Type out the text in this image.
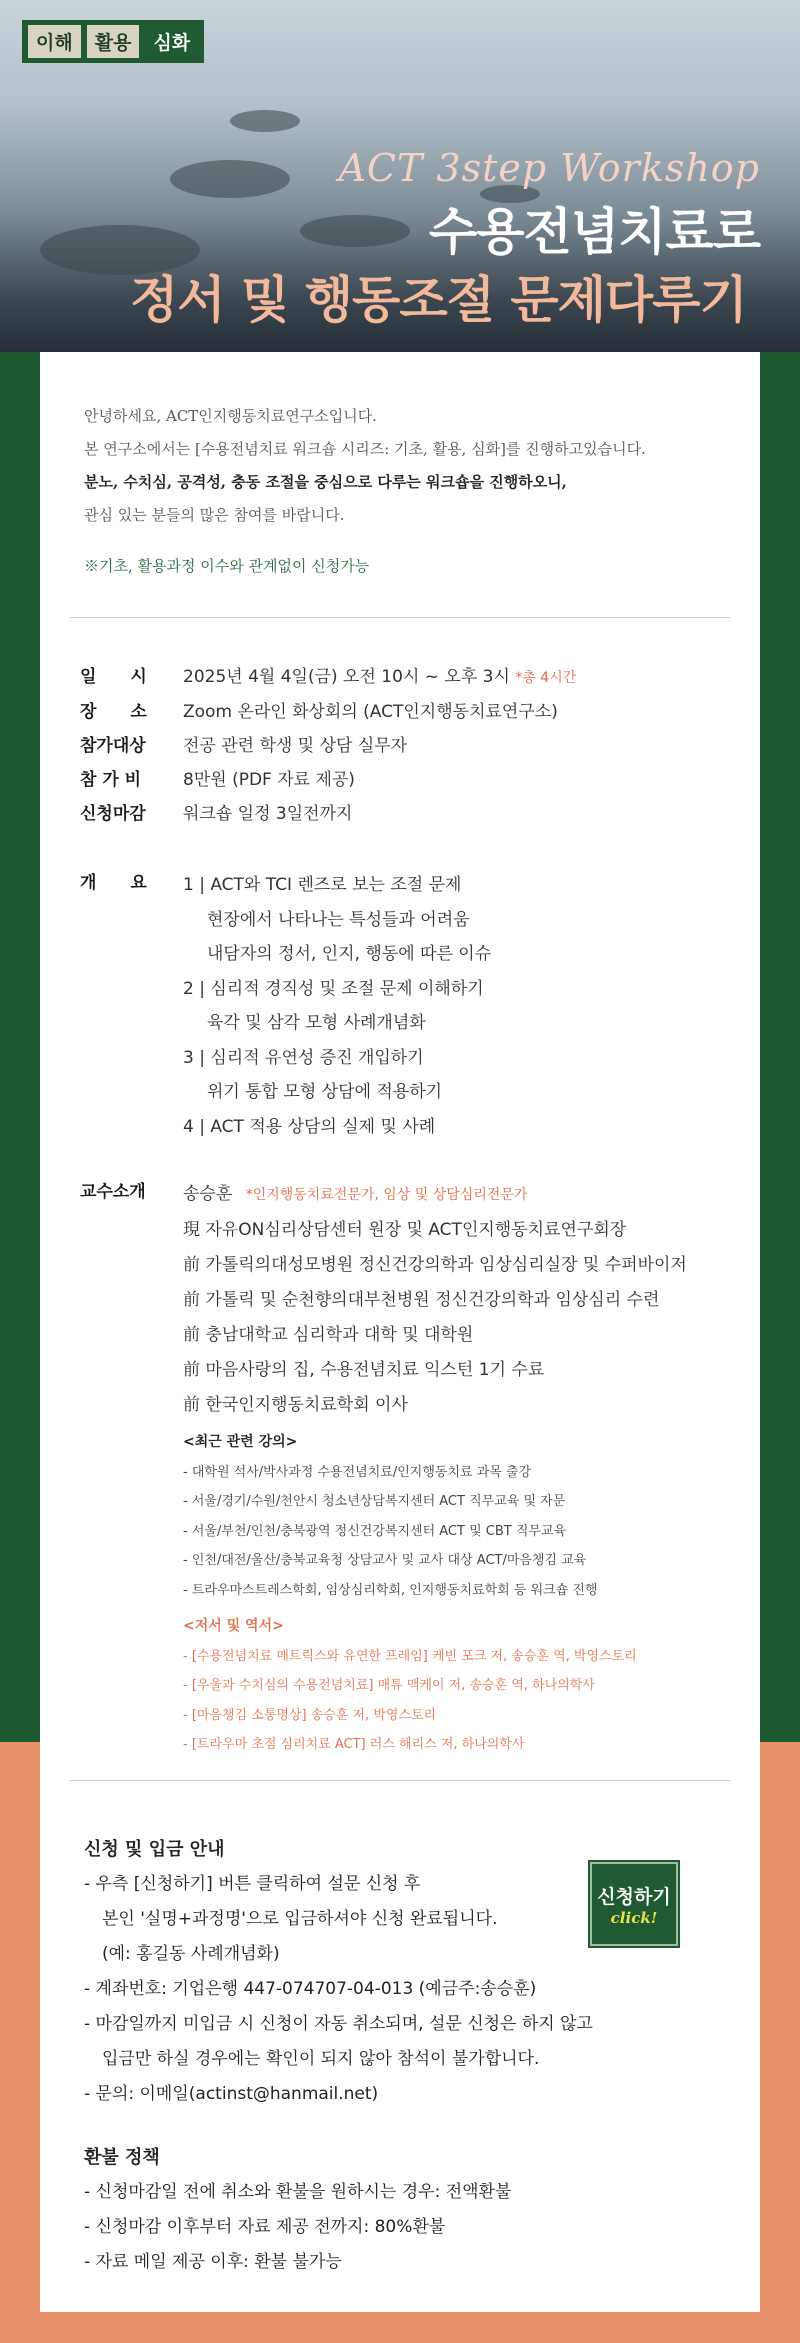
이해	활용	심화
ACT 3step Workshop
수용전념치료로
정서 및 행동조절 문제다루기
안녕하세요, ACT인지행동치료연구소입니다.
본 연구소에서는 [수용전념치료 워크숍 시리즈: 기초, 활용, 심화]를 진행하고있습니다.
분노, 수치심, 공격성, 충동 조절을 중심으로 다루는 워크숍을 진행하오니,
관심 있는 분들의 많은 참여를 바랍니다.
※기초, 활용과정 이수와 관계없이 신청가능
일　　시 2025년 4월 4일(금) 오전 10시 ~ 오후 3시 *총 4시간
장　　소 Zoom 온라인 화상회의 (ACT인지행동치료연구소)
참가대상 전공 관련 학생 및 상담 실무자
참 가 비 8만원 (PDF 자료 제공)
신청마감 워크숍 일정 3일전까지
개　　요	1 | ACT와 TCI 렌즈로 보는 조절 문제
현장에서 나타나는 특성들과 어려움
내담자의 정서, 인지, 행동에 따른 이슈
2 | 심리적 경직성 및 조절 문제 이해하기
육각 및 삼각 모형 사례개념화
3 | 심리적 유연성 증진 개입하기
위기 통합 모형 상담에 적용하기
4 | ACT 적용 상담의 실제 및 사례
교수소개	송승훈 *인지행동치료전문가, 임상 및 상담심리전문가
現 자유ON심리상담센터 원장 및 ACT인지행동치료연구회장
前 가톨릭의대성모병원 정신건강의학과 임상심리실장 및 수퍼바이저
前 가톨릭 및 순천향의대부천병원 정신건강의학과 임상심리 수련
前 충남대학교 심리학과 대학 및 대학원
前 마음사랑의 집, 수용전념치료 익스턴 1기 수료
前 한국인지행동치료학회 이사
<최근 관련 강의>
- 대학원 석사/박사과정 수용전념치료/인지행동치료 과목 출강
- 서울/경기/수원/천안시 청소년상담복지센터 ACT 직무교육 및 자문
- 서울/부천/인천/충북광역 정신건강복지센터 ACT 및 CBT 직무교육
- 인천/대전/울산/충북교육청 상담교사 및 교사 대상 ACT/마음챙김 교육
- 트라우마스트레스학회, 임상심리학회, 인지행동치료학회 등 워크숍 진행
<저서 및 역서>
- [수용전념치료 매트릭스와 유연한 프레임] 케빈 포크 저, 송승훈 역, 박영스토리
- [우울과 수치심의 수용전념치료] 매튜 맥케이 저, 송승훈 역, 하나의학사
- [마음챙김 소통명상] 송승훈 저, 박영스토리
- [트라우마 초점 심리치료 ACT] 러스 해리스 저, 하나의학사
신청 및 입금 안내
- 우측 [신청하기] 버튼 클릭하여 설문 신청 후
본인 '실명+과정명'으로 입금하셔야 신청 완료됩니다.
(예: 홍길동 사례개념화)
- 계좌번호: 기업은행 447-074707-04-013 (예금주:송승훈)
- 마감일까지 미입금 시 신청이 자동 취소되며, 설문 신청은 하지 않고
입금만 하실 경우에는 확인이 되지 않아 참석이 불가합니다.
- 문의: 이메일(actinst@hanmail.net)
신청하기
click!
환불 정책
- 신청마감일 전에 취소와 환불을 원하시는 경우: 전액환불
- 신청마감 이후부터 자료 제공 전까지: 80%환불
- 자료 메일 제공 이후: 환불 불가능
